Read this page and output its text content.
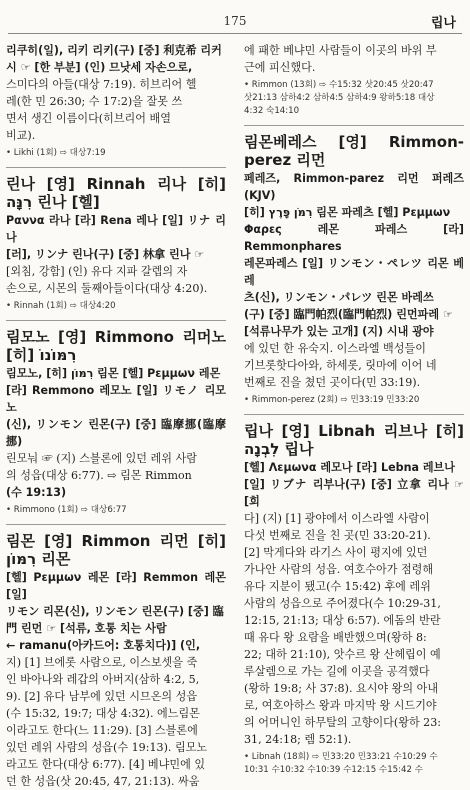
175	립나

리쿠히(일), 리키 리키(구) [중] 利克希 리커

시 ☞ [한 부분] (인) 므낫세 자손으로,

스미다의 아들(대상 7:19). 히브리어 헬

레(한 민 26:30; 수 17:2)을 잘못 쓰

면서 생긴 이름이다(히브리어 배열

비교).

• Likhi (1회) ⇨ 대상7:19

린나 [영] Rinnah 리나 [히] רִנָּה 린나 [헬]

Ραννα 라나 [라] Rena 레나 [일] リナ 리나

[러], リンナ 린나(구) [중] 林拿 린나 ☞

[외침, 강함] (인) 유다 지파 갈렙의 자

손으로, 시몬의 둘째아들이다(대상 4:20).

• Rinnah (1회) ⇨ 대상4:20

림모노 [영] Rimmono 리머노 [히] רִמּוֹנוֹ

림모노, [히] רִמּוֹן 림몬 [헬] Ρεμμων 레몬

[라] Remmono 레모노 [일] リモノ 리모노

(신), リンモン 린몬(구) [중] 臨摩挪(臨摩挪)

린모눠 ☞ (지) 스블론에 있던 레위 사람

의 성읍(대상 6:77). ⇨ 림몬 Rimmon

(수 19:13)

• Rimmono (1회) ⇨ 대상6:77

림몬 [영] Rimmon 리먼 [히] רִמּוֹן 리몬

[헬] Ρεμμων 레몬 [라] Remmon 레몬 [일]

リモン 리몬(신), リンモン 린몬(구) [중] 臨

門 린먼 ☞ [석류, 호통 치는 사람

← ramanu(아카드어: 호통치다)] (인,

지) [1] 브에롯 사람으로, 이스보셋을 죽

인 바아나와 레갑의 아버지(삼하 4:2, 5,

9). [2] 유다 남부에 있던 시므온의 성읍

(수 15:32, 19:7; 대상 4:32). 에느림몬

이라고도 한다(느 11:29). [3] 스블론에

있던 레위 사람의 성읍(수 19:13). 림모노

라고도 한다(대상 6:77). [4] 베냐민에 있

던 한 성읍(삿 20:45, 47, 21:13). 싸움

에 패한 베냐민 사람들이 이곳의 바위 부

근에 피신했다.

• Rimmon (13회) ⇨ 수15:32 삿20:45 삿20:47
삿21:13 삼하4:2 삼하4:5 삼하4:9 왕하5:18 대상
4:32 숙14:10

림몬베레스 [영] Rimmon-perez 리먼

페레즈, Rimmon-parez 리먼 퍼레즈(KJV)

[히] רִמֹּן פָּרֶץ 림몬 파레츠 [헬] Ρεμμων

Φαρες 레몬 파레스 [라] Remmonphares

레몬파레스 [일] リンモン・ペレツ 리몬 베레

츠(신), リンモン・パレツ 린몬 바레쓰

(구) [중] 臨門帕烈(臨門帕烈) 린먼파레 ☞

[석류나무가 있는 고개] (지) 시내 광야

에 있던 한 유숙지. 이스라엘 백성들이

기브롯핫다아와, 하세롯, 릿마에 이어 네

번째로 진을 쳤던 곳이다(민 33:19).

• Rimmon-perez (2회) ⇨ 민33:19 민33:20

립나 [영] Libnah 리브나 [히] לִבְנָה 립나

[헬] Λεμωνα 레모나 [라] Lebna 레브나

[일] リブナ 리부나(구) [중] 立拿 리나 ☞ [희

다] (지) [1] 광야에서 이스라엘 사람이

다섯 번째로 진을 친 곳(민 33:20-21).

[2] 막게다와 라기스 사이 평지에 있던

가나안 사람의 성읍. 여호수아가 점령해

유다 지분이 됐고(수 15:42) 후에 레위

사람의 성읍으로 주어졌다(수 10:29-31,

12:15, 21:13; 대상 6:57). 에돔의 반란

때 유다 왕 요람을 배반했으며(왕하 8:

22; 대하 21:10), 앗수르 왕 산헤립이 예

루살렘으로 가는 길에 이곳을 공격했다

(왕하 19:8; 사 37:8). 요시야 왕의 아내

로, 여호아하스 왕과 마지막 왕 시드기야

의 어머니인 하무탈의 고향이다(왕하 23:

31, 24:18; 렘 52:1).

• Libnah (18회) ⇨ 민33:20 민33:21 수10:29 수
10:31 수10:32 수10:39 수12:15 수15:42 수
